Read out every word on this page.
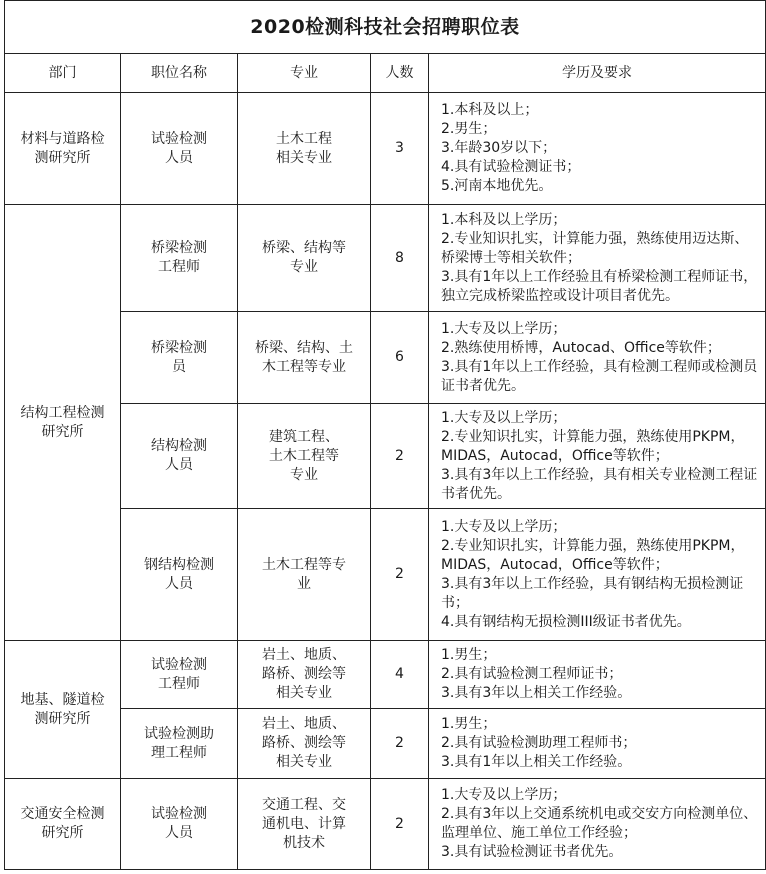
2020检测科技社会招聘职位表				
部门	职位名称	专业	人数	学历及要求

材料与道路检测研究所	试验检测人员	土木工程相关专业	3	1.本科及以上；
2.男生；
3.年龄30岁以下；
4.具有试验检测证书；
5.河南本地优先。

结构工程检测研究所	桥梁检测工程师	桥梁、结构等专业	8	1.本科及以上学历；
2.专业知识扎实，计算能力强，熟练使用迈达斯、桥梁博士等相关软件；
3.具有1年以上工作经验且有桥梁检测工程师证书，独立完成桥梁监控或设计项目者优先。

	桥梁检测员	桥梁、结构、土木工程等专业	6	1.大专及以上学历；
2.熟练使用桥博，Autocad、Office等软件；
3.具有1年以上工作经验，具有检测工程师或检测员证书者优先。

	结构检测人员	建筑工程、土木工程等专业	2	1.大专及以上学历；
2.专业知识扎实，计算能力强，熟练使用PKPM，MIDAS，Autocad，Office等软件；
3.具有3年以上工作经验，具有相关专业检测工程证书者优先。

	钢结构检测人员	土木工程等专业	2	1.大专及以上学历；
2.专业知识扎实，计算能力强，熟练使用PKPM，MIDAS，Autocad，Office等软件；
3.具有3年以上工作经验，具有钢结构无损检测证书；
4.具有钢结构无损检测III级证书者优先。

地基、隧道检测研究所	试验检测工程师	岩土、地质、路桥、测绘等相关专业	4	1.男生；
2.具有试验检测工程师证书；
3.具有3年以上相关工作经验。

	试验检测助理工程师	岩土、地质、路桥、测绘等相关专业	2	1.男生；
2.具有试验检测助理工程师书；
3.具有1年以上相关工作经验。

交通安全检测研究所	试验检测人员	交通工程、交通机电、计算机技术	2	1.大专及以上学历；
2.具有3年以上交通系统机电或交安方向检测单位、监理单位、施工单位工作经验；
3.具有试验检测证书者优先。
